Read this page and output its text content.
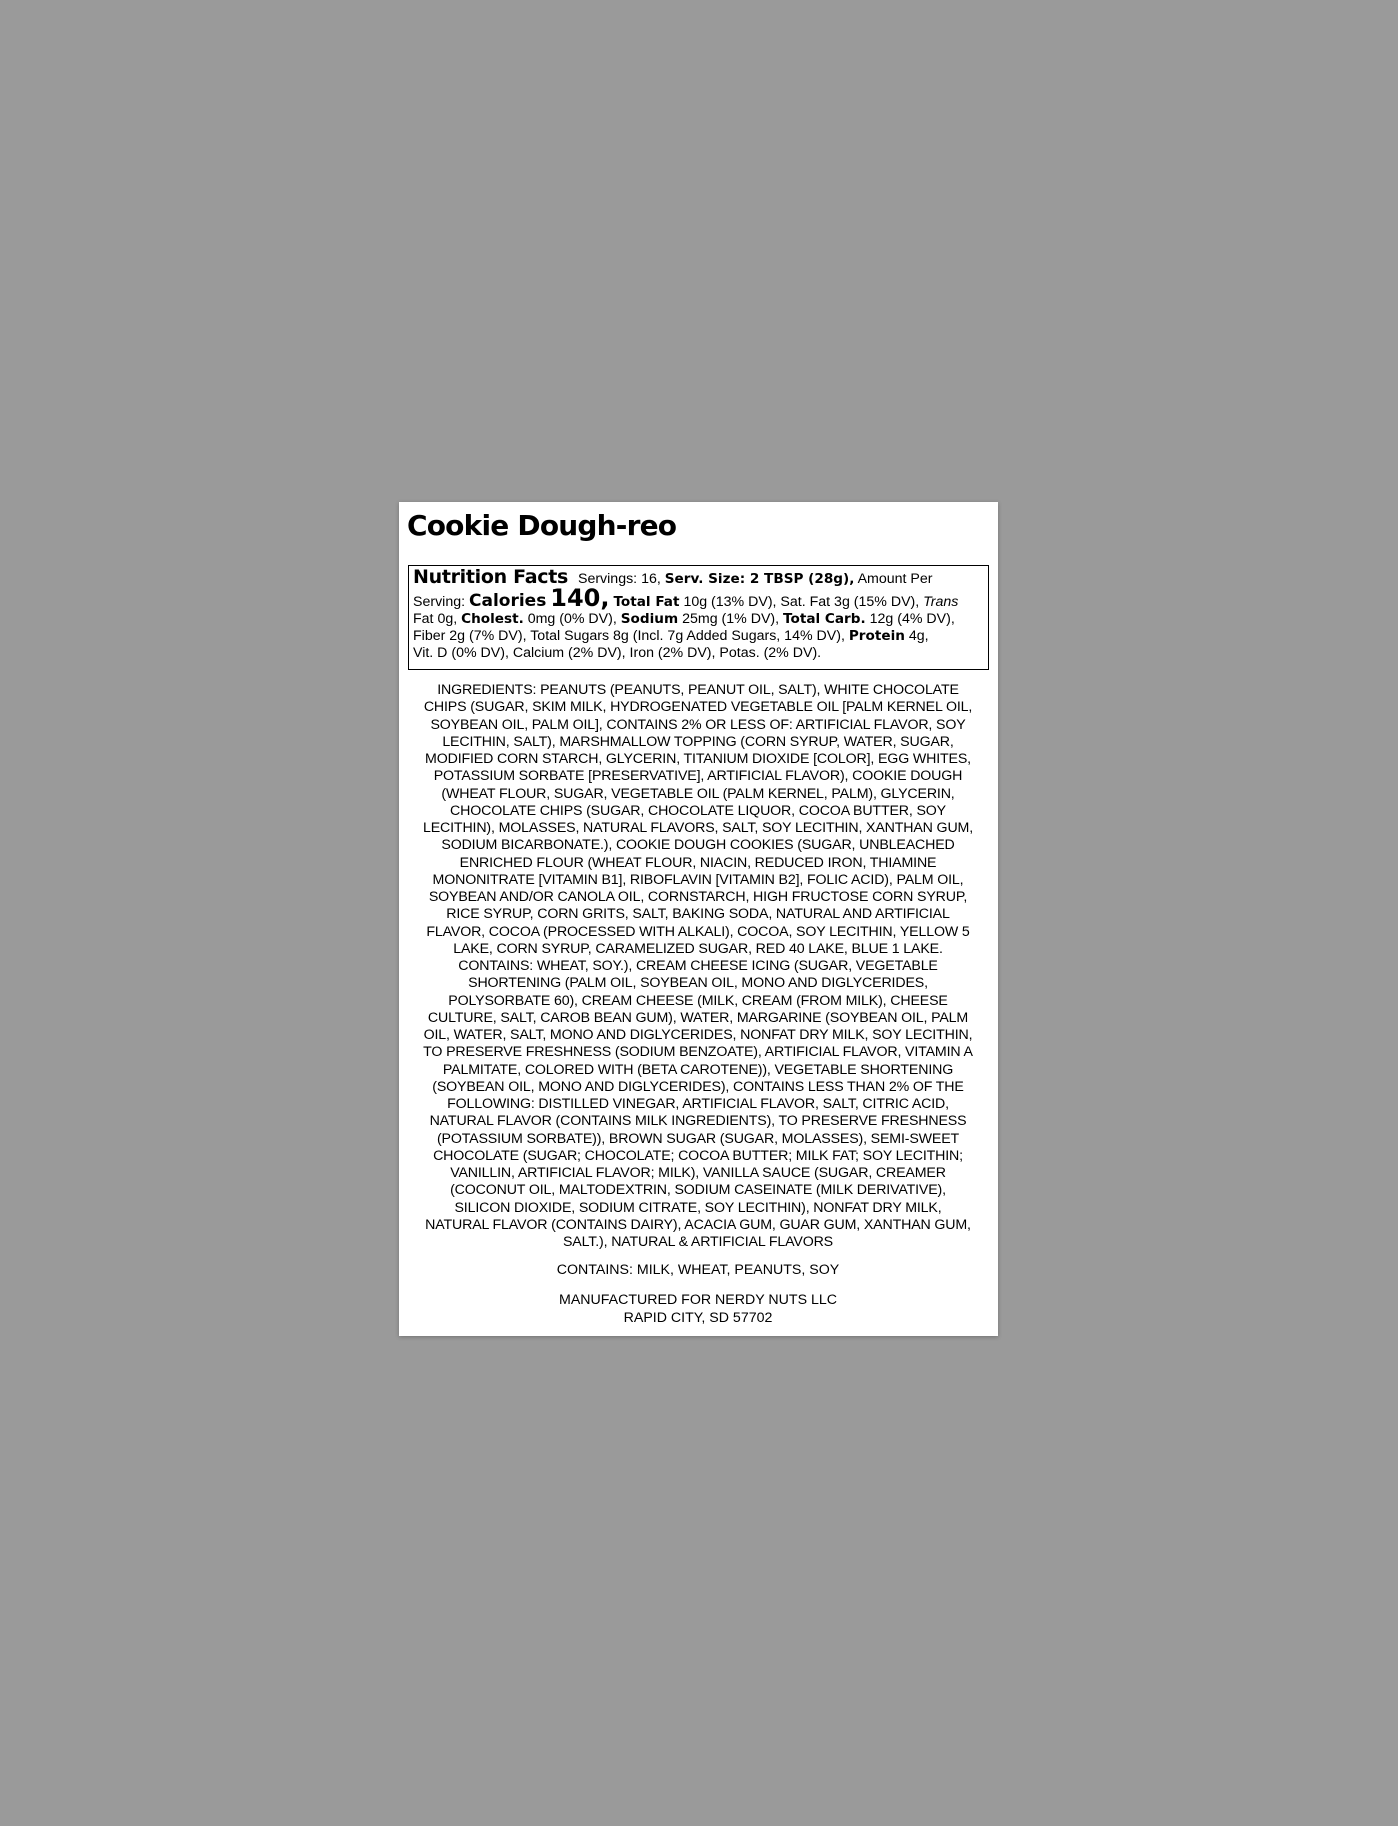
Cookie Dough-reo
Nutrition Facts Servings: 16, Serv. Size: 2 TBSP (28g), Amount Per
Serving: Calories 140, Total Fat 10g (13% DV), Sat. Fat 3g (15% DV), Trans
Fat 0g, Cholest. 0mg (0% DV), Sodium 25mg (1% DV), Total Carb. 12g (4% DV),
Fiber 2g (7% DV), Total Sugars 8g (Incl. 7g Added Sugars, 14% DV), Protein 4g,
Vit. D (0% DV), Calcium (2% DV), Iron (2% DV), Potas. (2% DV).
INGREDIENTS: PEANUTS (PEANUTS, PEANUT OIL, SALT), WHITE CHOCOLATE
CHIPS (SUGAR, SKIM MILK, HYDROGENATED VEGETABLE OIL [PALM KERNEL OIL,
SOYBEAN OIL, PALM OIL], CONTAINS 2% OR LESS OF: ARTIFICIAL FLAVOR, SOY
LECITHIN, SALT), MARSHMALLOW TOPPING (CORN SYRUP, WATER, SUGAR,
MODIFIED CORN STARCH, GLYCERIN, TITANIUM DIOXIDE [COLOR], EGG WHITES,
POTASSIUM SORBATE [PRESERVATIVE], ARTIFICIAL FLAVOR), COOKIE DOUGH
(WHEAT FLOUR, SUGAR, VEGETABLE OIL (PALM KERNEL, PALM), GLYCERIN,
CHOCOLATE CHIPS (SUGAR, CHOCOLATE LIQUOR, COCOA BUTTER, SOY
LECITHIN), MOLASSES, NATURAL FLAVORS, SALT, SOY LECITHIN, XANTHAN GUM,
SODIUM BICARBONATE.), COOKIE DOUGH COOKIES (SUGAR, UNBLEACHED
ENRICHED FLOUR (WHEAT FLOUR, NIACIN, REDUCED IRON, THIAMINE
MONONITRATE [VITAMIN B1], RIBOFLAVIN [VITAMIN B2], FOLIC ACID), PALM OIL,
SOYBEAN AND/OR CANOLA OIL, CORNSTARCH, HIGH FRUCTOSE CORN SYRUP,
RICE SYRUP, CORN GRITS, SALT, BAKING SODA, NATURAL AND ARTIFICIAL
FLAVOR, COCOA (PROCESSED WITH ALKALI), COCOA, SOY LECITHIN, YELLOW 5
LAKE, CORN SYRUP, CARAMELIZED SUGAR, RED 40 LAKE, BLUE 1 LAKE.
CONTAINS: WHEAT, SOY.), CREAM CHEESE ICING (SUGAR, VEGETABLE
SHORTENING (PALM OIL, SOYBEAN OIL, MONO AND DIGLYCERIDES,
POLYSORBATE 60), CREAM CHEESE (MILK, CREAM (FROM MILK), CHEESE
CULTURE, SALT, CAROB BEAN GUM), WATER, MARGARINE (SOYBEAN OIL, PALM
OIL, WATER, SALT, MONO AND DIGLYCERIDES, NONFAT DRY MILK, SOY LECITHIN,
TO PRESERVE FRESHNESS (SODIUM BENZOATE), ARTIFICIAL FLAVOR, VITAMIN A
PALMITATE, COLORED WITH (BETA CAROTENE)), VEGETABLE SHORTENING
(SOYBEAN OIL, MONO AND DIGLYCERIDES), CONTAINS LESS THAN 2% OF THE
FOLLOWING: DISTILLED VINEGAR, ARTIFICIAL FLAVOR, SALT, CITRIC ACID,
NATURAL FLAVOR (CONTAINS MILK INGREDIENTS), TO PRESERVE FRESHNESS
(POTASSIUM SORBATE)), BROWN SUGAR (SUGAR, MOLASSES), SEMI-SWEET
CHOCOLATE (SUGAR; CHOCOLATE; COCOA BUTTER; MILK FAT; SOY LECITHIN;
VANILLIN, ARTIFICIAL FLAVOR; MILK), VANILLA SAUCE (SUGAR, CREAMER
(COCONUT OIL, MALTODEXTRIN, SODIUM CASEINATE (MILK DERIVATIVE),
SILICON DIOXIDE, SODIUM CITRATE, SOY LECITHIN), NONFAT DRY MILK,
NATURAL FLAVOR (CONTAINS DAIRY), ACACIA GUM, GUAR GUM, XANTHAN GUM,
SALT.), NATURAL & ARTIFICIAL FLAVORS

CONTAINS: MILK, WHEAT, PEANUTS, SOY

MANUFACTURED FOR NERDY NUTS LLC
RAPID CITY, SD 57702
